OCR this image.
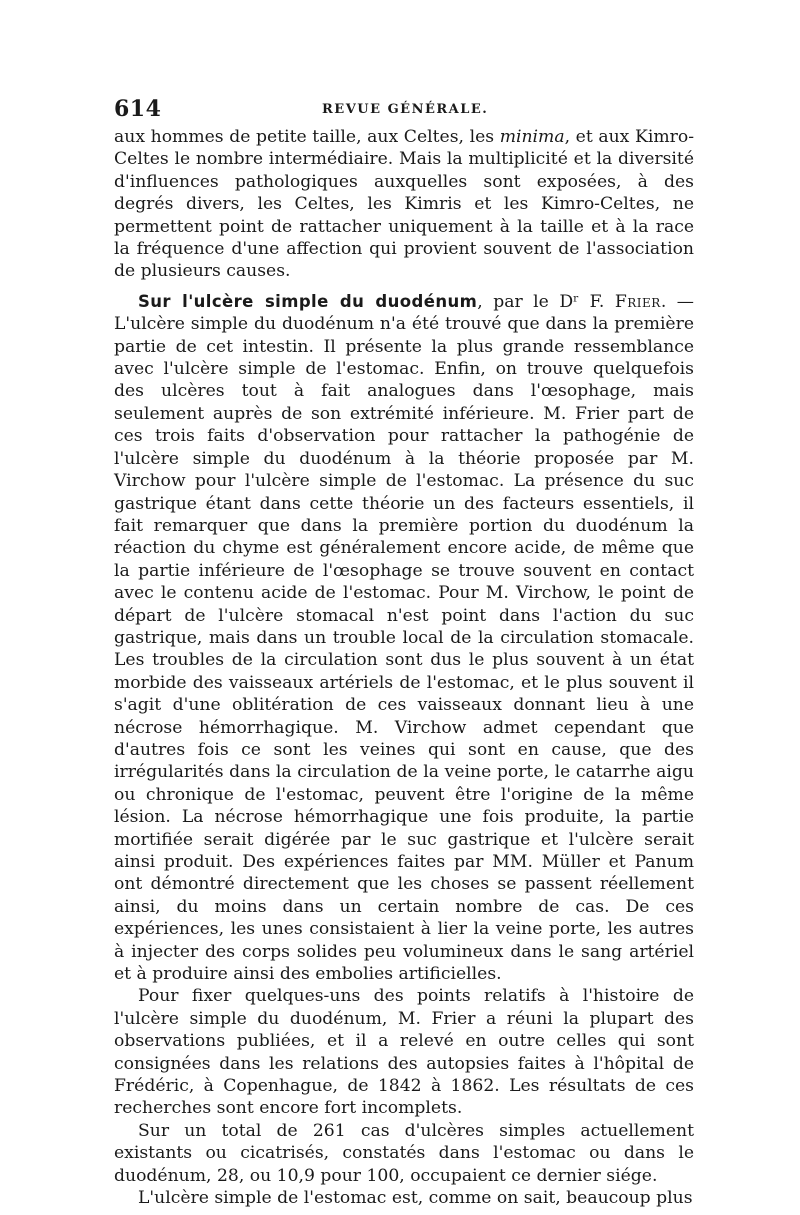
614	REVUE GÉNÉRALE.

aux hommes de petite taille, aux Celtes, les minima, et aux Kimro-Celtes le nombre intermédiaire. Mais la multiplicité et la diversité d'influences pathologiques auxquelles sont exposées, à des degrés divers, les Celtes, les Kimris et les Kimro-Celtes, ne permettent point de rattacher uniquement à la taille et à la race la fréquence d'une affection qui provient souvent de l'association de plusieurs causes.

Sur l'ulcère simple du duodénum, par le Dʳ F. Frier. — L'ulcère simple du duodénum n'a été trouvé que dans la première partie de cet intestin. Il présente la plus grande ressemblance avec l'ulcère simple de l'estomac. Enfin, on trouve quelquefois des ulcères tout à fait analogues dans l'œsophage, mais seulement auprès de son extrémité inférieure. M. Frier part de ces trois faits d'observation pour rattacher la pathogénie de l'ulcère simple du duodénum à la théorie proposée par M. Virchow pour l'ulcère simple de l'estomac. La présence du suc gastrique étant dans cette théorie un des facteurs essentiels, il fait remarquer que dans la première portion du duodénum la réaction du chyme est généralement encore acide, de même que la partie inférieure de l'œsophage se trouve souvent en contact avec le contenu acide de l'estomac. Pour M. Virchow, le point de départ de l'ulcère stomacal n'est point dans l'action du suc gastrique, mais dans un trouble local de la circulation stomacale. Les troubles de la circulation sont dus le plus souvent à un état morbide des vaisseaux artériels de l'estomac, et le plus souvent il s'agit d'une oblitération de ces vaisseaux donnant lieu à une nécrose hémorrhagique. M. Virchow admet cependant que d'autres fois ce sont les veines qui sont en cause, que des irrégularités dans la circulation de la veine porte, le catarrhe aigu ou chronique de l'estomac, peuvent être l'origine de la même lésion. La nécrose hémorrhagique une fois produite, la partie mortifiée serait digérée par le suc gastrique et l'ulcère serait ainsi produit. Des expériences faites par MM. Müller et Panum ont démontré directement que les choses se passent réellement ainsi, du moins dans un certain nombre de cas. De ces expériences, les unes consistaient à lier la veine porte, les autres à injecter des corps solides peu volumineux dans le sang artériel et à produire ainsi des embolies artificielles.

Pour fixer quelques-uns des points relatifs à l'histoire de l'ulcère simple du duodénum, M. Frier a réuni la plupart des observations publiées, et il a relevé en outre celles qui sont consignées dans les relations des autopsies faites à l'hôpital de Frédéric, à Copenhague, de 1842 à 1862. Les résultats de ces recherches sont encore fort incomplets.

Sur un total de 261 cas d'ulcères simples actuellement existants ou cicatrisés, constatés dans l'estomac ou dans le duodénum, 28, ou 10,9 pour 100, occupaient ce dernier siége.

L'ulcère simple de l'estomac est, comme on sait, beaucoup plus
